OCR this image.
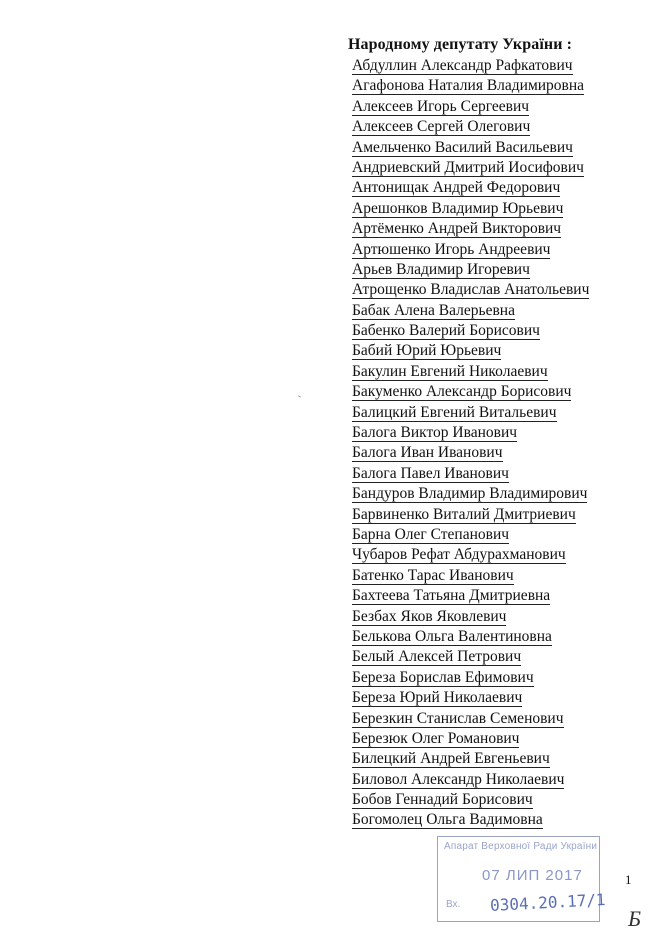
Народному депутату України :
Абдуллин Александр Рафкатович
Агафонова Наталия Владимировна
Алексеев Игорь Сергеевич
Алексеев Сергей Олегович
Амельченко Василий Васильевич
Андриевский Дмитрий Иосифович
Антонищак Андрей Федорович
Арешонков Владимир Юрьевич
Артёменко Андрей Викторович
Артюшенко Игорь Андреевич
Арьев Владимир Игоревич
Атрощенко Владислав Анатольевич
Бабак Алена Валерьевна
Бабенко Валерий Борисович
Бабий Юрий Юрьевич
Бакулин Евгений Николаевич
Бакуменко Александр Борисович
Балицкий Евгений Витальевич
Балога Виктор Иванович
Балога Иван Иванович
Балога Павел Иванович
Бандуров Владимир Владимирович
Барвиненко Виталий Дмитриевич
Барна Олег Степанович
Чубаров Рефат Абдурахманович
Батенко Тарас Иванович
Бахтеева Татьяна Дмитриевна
Безбах Яков Яковлевич
Белькова Ольга Валентиновна
Белый Алексей Петрович
Береза Борислав Ефимович
Береза Юрий Николаевич
Березкин Станислав Семенович
Березюк Олег Романович
Билецкий Андрей Евгеньевич
Биловол Александр Николаевич
Бобов Геннадий Борисович
Богомолец Ольга Вадимовна
Апарат Верховної Ради України
07 ЛИП 2017
Вх. 0304.20.17/1
1
Б
